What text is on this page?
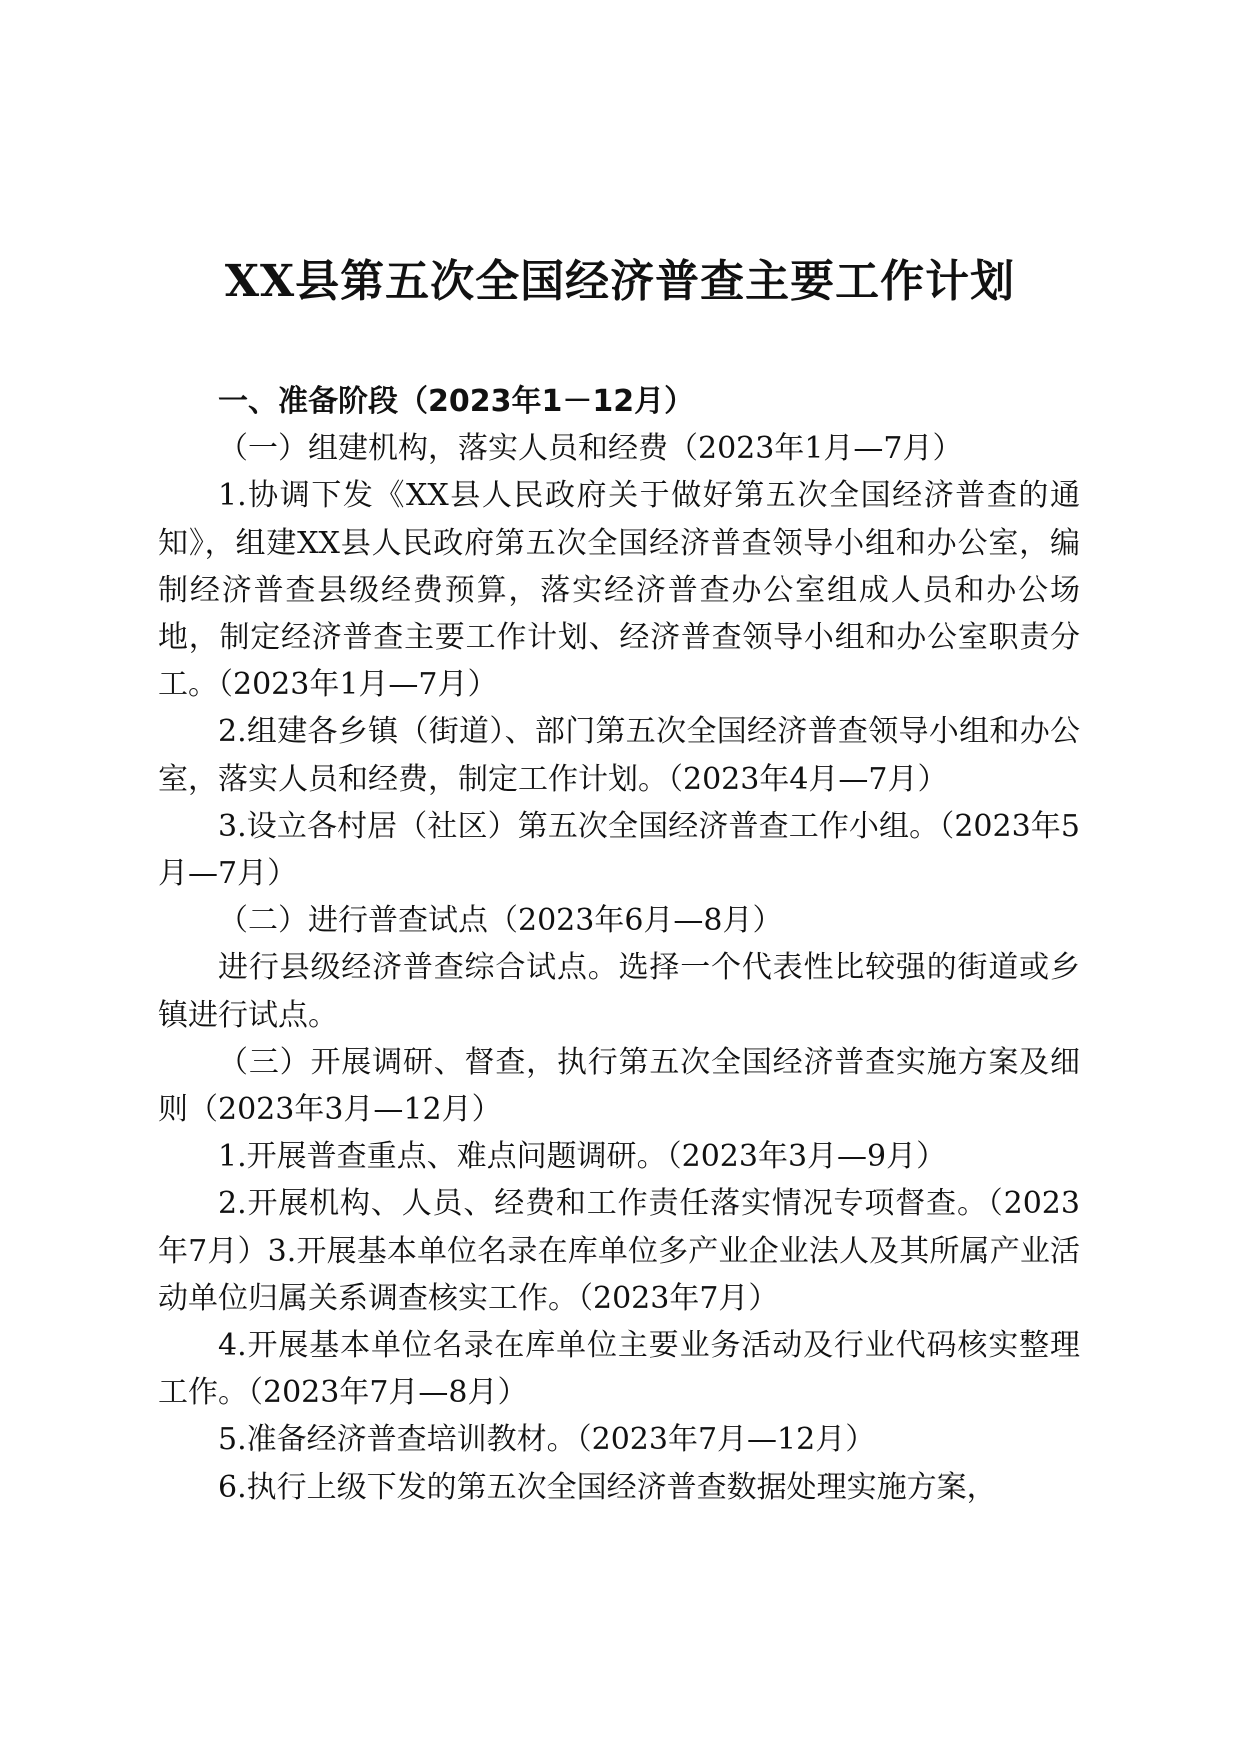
XX县第五次全国经济普查主要工作计划

一、准备阶段（2023年1－12月）

（一）组建机构，落实人员和经费（2023年1月—7月）

1.协调下发《XX县人民政府关于做好第五次全国经济普查的通知》，组建XX县人民政府第五次全国经济普查领导小组和办公室，编制经济普查县级经费预算，落实经济普查办公室组成人员和办公场地，制定经济普查主要工作计划、经济普查领导小组和办公室职责分工。（2023年1月—7月）

2.组建各乡镇（街道）、部门第五次全国经济普查领导小组和办公室，落实人员和经费，制定工作计划。（2023年4月—7月）

3.设立各村居（社区）第五次全国经济普查工作小组。（2023年5月—7月）

（二）进行普查试点（2023年6月—8月）

进行县级经济普查综合试点。选择一个代表性比较强的街道或乡镇进行试点。

（三）开展调研、督查，执行第五次全国经济普查实施方案及细则（2023年3月—12月）

1.开展普查重点、难点问题调研。（2023年3月—9月）

2.开展机构、人员、经费和工作责任落实情况专项督查。（2023年7月）3.开展基本单位名录在库单位多产业企业法人及其所属产业活动单位归属关系调查核实工作。（2023年7月）

4.开展基本单位名录在库单位主要业务活动及行业代码核实整理工作。（2023年7月—8月）

5.准备经济普查培训教材。（2023年7月—12月）

6.执行上级下发的第五次全国经济普查数据处理实施方案，
